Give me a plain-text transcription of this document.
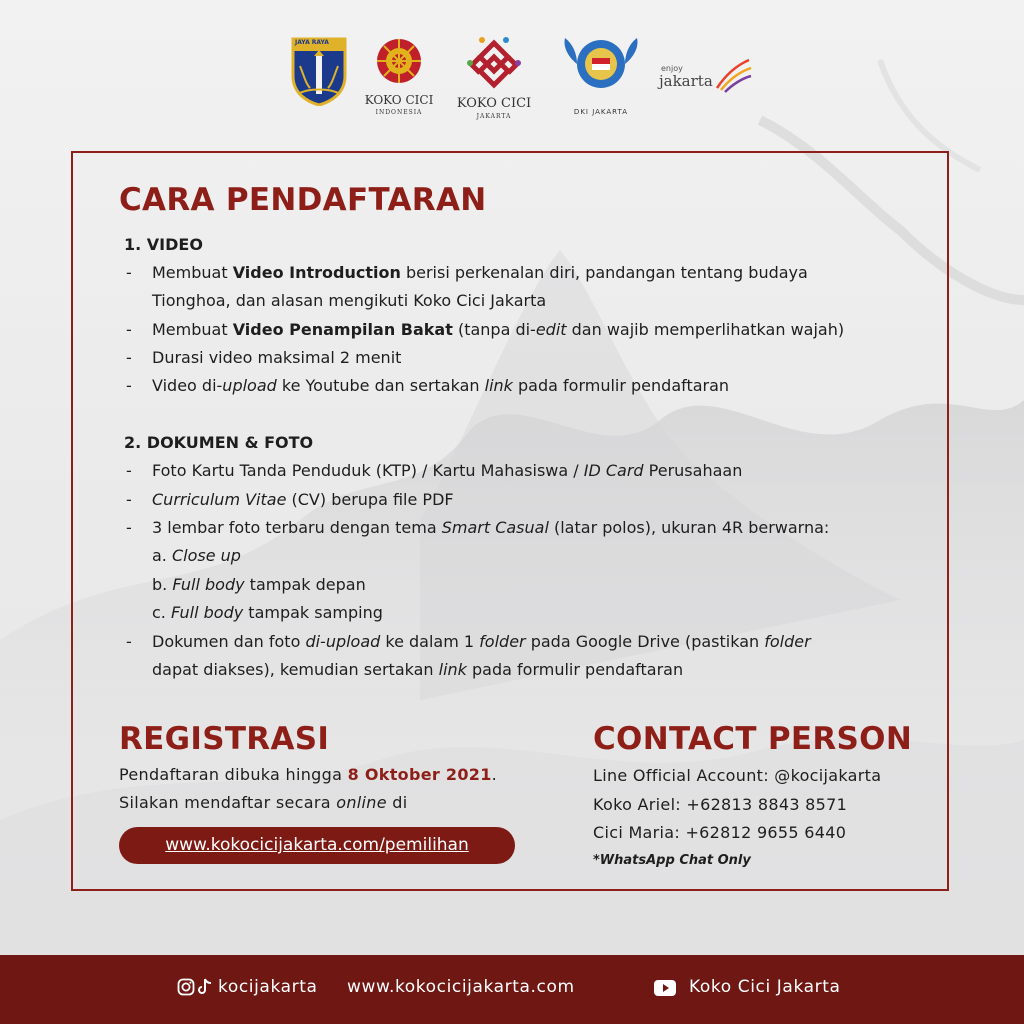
JAYA RAYA
KOKO CICI
INDONESIA
KOKO CICI
JAKARTA
DKI JAKARTA
enjoy
jakarta
CARA PENDAFTARAN
1. VIDEO
- Membuat Video Introduction berisi perkenalan diri, pandangan tentang budaya
Tionghoa, dan alasan mengikuti Koko Cici Jakarta
- Membuat Video Penampilan Bakat (tanpa di-edit dan wajib memperlihatkan wajah)
- Durasi video maksimal 2 menit
- Video di-upload ke Youtube dan sertakan link pada formulir pendaftaran
2. DOKUMEN & FOTO
- Foto Kartu Tanda Penduduk (KTP) / Kartu Mahasiswa / ID Card Perusahaan
- Curriculum Vitae (CV) berupa file PDF
- 3 lembar foto terbaru dengan tema Smart Casual (latar polos), ukuran 4R berwarna:
a. Close up
b. Full body tampak depan
c. Full body tampak samping
- Dokumen dan foto di-upload ke dalam 1 folder pada Google Drive (pastikan folder
dapat diakses), kemudian sertakan link pada formulir pendaftaran
REGISTRASI
Pendaftaran dibuka hingga 8 Oktober 2021.
Silakan mendaftar secara online di
www.kokocicijakarta.com/pemilihan
CONTACT PERSON
Line Official Account: @kocijakarta
Koko Ariel: +62813 8843 8571
Cici Maria: +62812 9655 6440
*WhatsApp Chat Only
kocijakarta www.kokocicijakarta.com	Koko Cici Jakarta
